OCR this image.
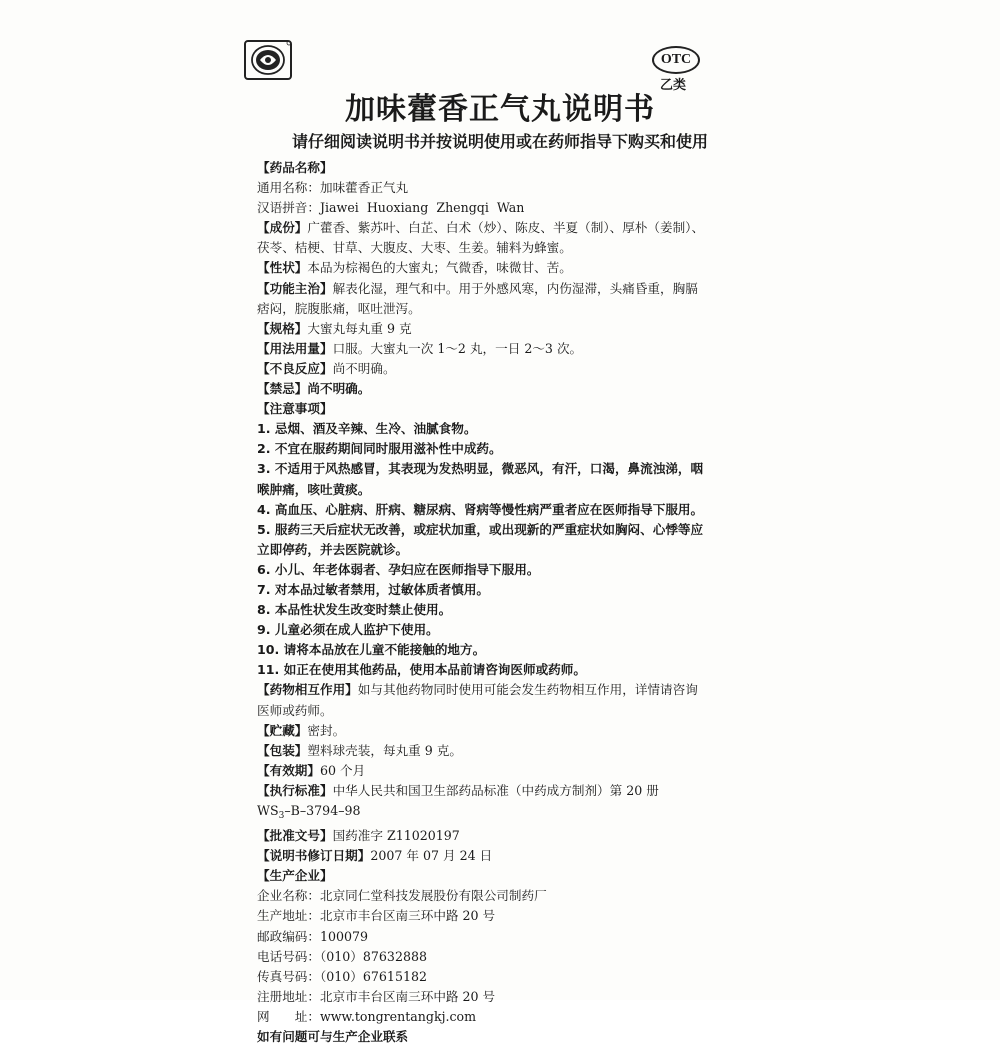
OTC
乙类
加味藿香正气丸说明书
请仔细阅读说明书并按说明使用或在药师指导下购买和使用
【药品名称】
通用名称：加味藿香正气丸
汉语拼音：Jiawei  Huoxiang  Zhengqi  Wan
【成份】广藿香、紫苏叶、白芷、白术（炒）、陈皮、半夏（制）、厚朴（姜制）、
茯苓、桔梗、甘草、大腹皮、大枣、生姜。辅料为蜂蜜。
【性状】本品为棕褐色的大蜜丸；气微香，味微甘、苦。
【功能主治】解表化湿，理气和中。用于外感风寒，内伤湿滞，头痛昏重，胸膈
痞闷，脘腹胀痛，呕吐泄泻。
【规格】大蜜丸每丸重 9 克
【用法用量】口服。大蜜丸一次 1～2 丸，一日 2～3 次。
【不良反应】尚不明确。
【禁忌】尚不明确。
【注意事项】
1. 忌烟、酒及辛辣、生冷、油腻食物。
2. 不宜在服药期间同时服用滋补性中成药。
3. 不适用于风热感冒，其表现为发热明显，微恶风，有汗，口渴，鼻流浊涕，咽
喉肿痛，咳吐黄痰。
4. 高血压、心脏病、肝病、糖尿病、肾病等慢性病严重者应在医师指导下服用。
5. 服药三天后症状无改善，或症状加重，或出现新的严重症状如胸闷、心悸等应
立即停药，并去医院就诊。
6. 小儿、年老体弱者、孕妇应在医师指导下服用。
7. 对本品过敏者禁用，过敏体质者慎用。
8. 本品性状发生改变时禁止使用。
9. 儿童必须在成人监护下使用。
10. 请将本品放在儿童不能接触的地方。
11. 如正在使用其他药品，使用本品前请咨询医师或药师。
【药物相互作用】如与其他药物同时使用可能会发生药物相互作用，详情请咨询
医师或药师。
【贮藏】密封。
【包装】塑料球壳装，每丸重 9 克。
【有效期】60 个月
【执行标准】中华人民共和国卫生部药品标准（中药成方制剂）第 20 册
$WS_3-B-3794-98$
【批准文号】国药准字 Z11020197
【说明书修订日期】2007 年 07 月 24 日
【生产企业】
企业名称：北京同仁堂科技发展股份有限公司制药厂
生产地址：北京市丰台区南三环中路 20 号
邮政编码：100079
电话号码：（010）87632888
传真号码：（010）67615182
注册地址：北京市丰台区南三环中路 20 号
网　　址：www.tongrentangkj.com
如有问题可与生产企业联系
